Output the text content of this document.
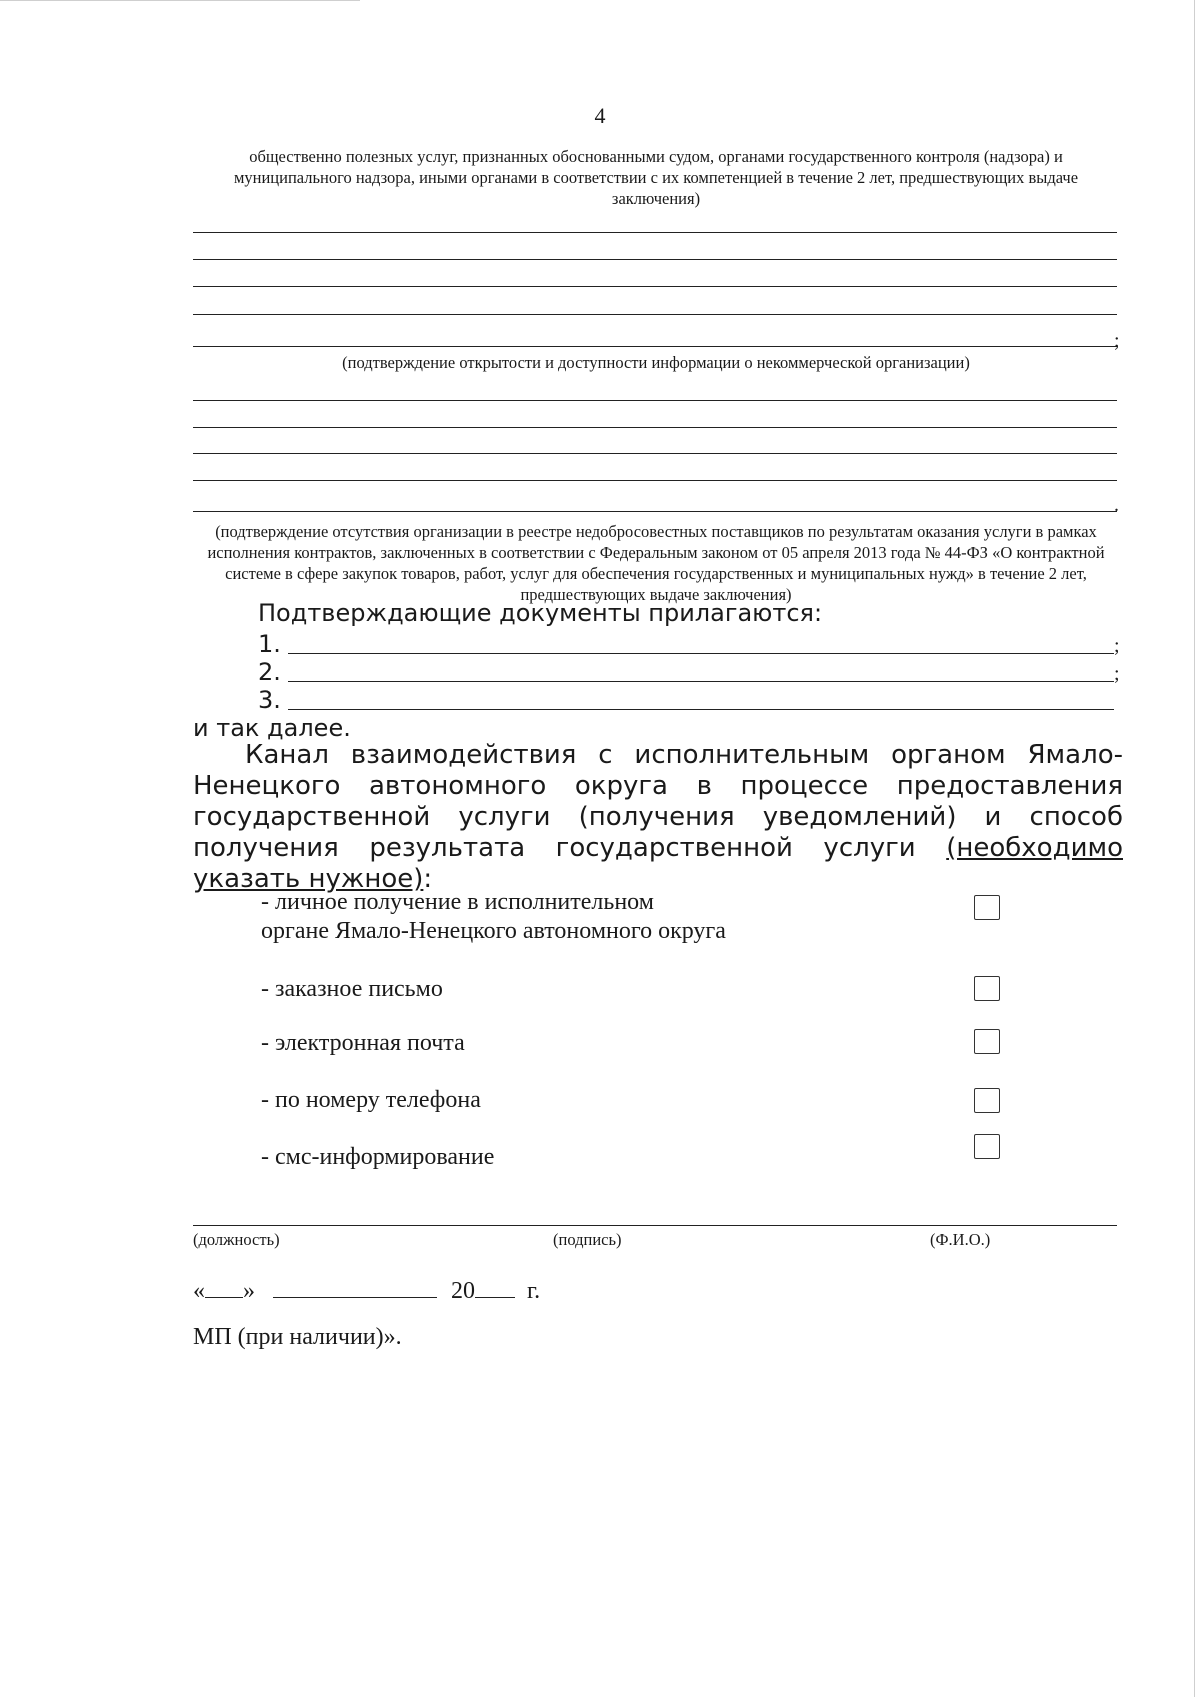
4
общественно полезных услуг, признанных обоснованными судом, органами государственного контроля (надзора) и муниципального надзора, иными органами в соответствии с их компетенцией в течение 2 лет, предшествующих выдаче заключения)
;
(подтверждение открытости и доступности информации о некоммерческой организации)
.
(подтверждение отсутствия организации в реестре недобросовестных поставщиков по результатам оказания услуги в рамках исполнения контрактов, заключенных в соответствии с Федеральным законом от 05 апреля 2013 года № 44-ФЗ «О контрактной системе в сфере закупок товаров, работ, услуг для обеспечения государственных и муниципальных нужд» в течение 2 лет, предшествующих выдаче заключения)
Подтверждающие документы прилагаются:
1.	;
2.	;
3.
и так далее.
Канал взаимодействия с исполнительным органом Ямало-Ненецкого автономного округа в процессе предоставления государственной услуги (получения уведомлений) и способ получения результата государственной услуги (необходимо указать нужное):
- личное получение в исполнительном
органе Ямало-Ненецкого автономного округа
- заказное письмо
- электронная почта
- по номеру телефона
- смс-информирование
(должность)	(подпись)	(Ф.И.О.)
« »	20 г.
МП (при наличии)».
